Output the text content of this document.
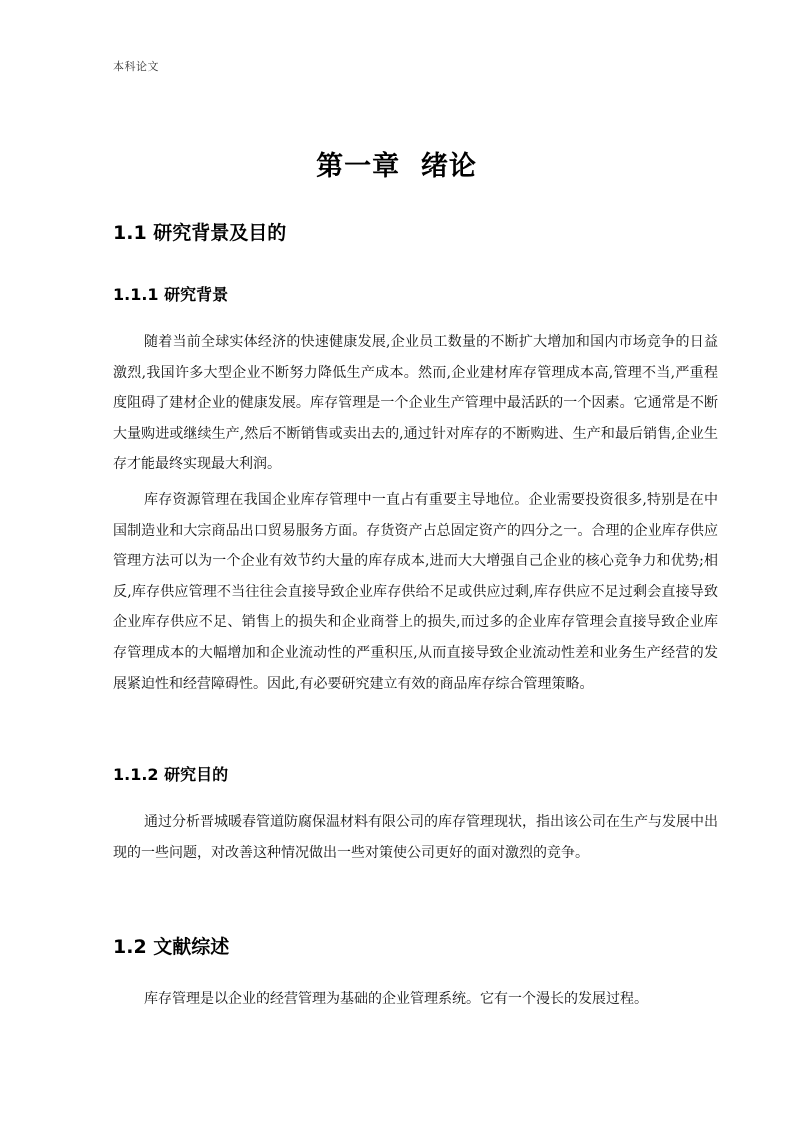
本科论文
第一章  绪论
1.1 研究背景及目的
1.1.1 研究背景

随着当前全球实体经济的快速健康发展,企业员工数量的不断扩大增加和国内市场竞争的日益激烈,我国许多大型企业不断努力降低生产成本。然而,企业建材库存管理成本高,管理不当,严重程度阻碍了建材企业的健康发展。库存管理是一个企业生产管理中最活跃的一个因素。它通常是不断大量购进或继续生产,然后不断销售或卖出去的,通过针对库存的不断购进、生产和最后销售,企业生存才能最终实现最大利润。

库存资源管理在我国企业库存管理中一直占有重要主导地位。企业需要投资很多,特别是在中国制造业和大宗商品出口贸易服务方面。存货资产占总固定资产的四分之一。合理的企业库存供应管理方法可以为一个企业有效节约大量的库存成本,进而大大增强自己企业的核心竞争力和优势;相反,库存供应管理不当往往会直接导致企业库存供给不足或供应过剩,库存供应不足过剩会直接导致企业库存供应不足、销售上的损失和企业商誉上的损失,而过多的企业库存管理会直接导致企业库存管理成本的大幅增加和企业流动性的严重积压,从而直接导致企业流动性差和业务生产经营的发展紧迫性和经营障碍性。因此,有必要研究建立有效的商品库存综合管理策略。

1.1.2 研究目的

通过分析晋城暖春管道防腐保温材料有限公司的库存管理现状，指出该公司在生产与发展中出现的一些问题，对改善这种情况做出一些对策使公司更好的面对激烈的竞争。

1.2 文献综述

库存管理是以企业的经营管理为基础的企业管理系统。它有一个漫长的发展过程。
